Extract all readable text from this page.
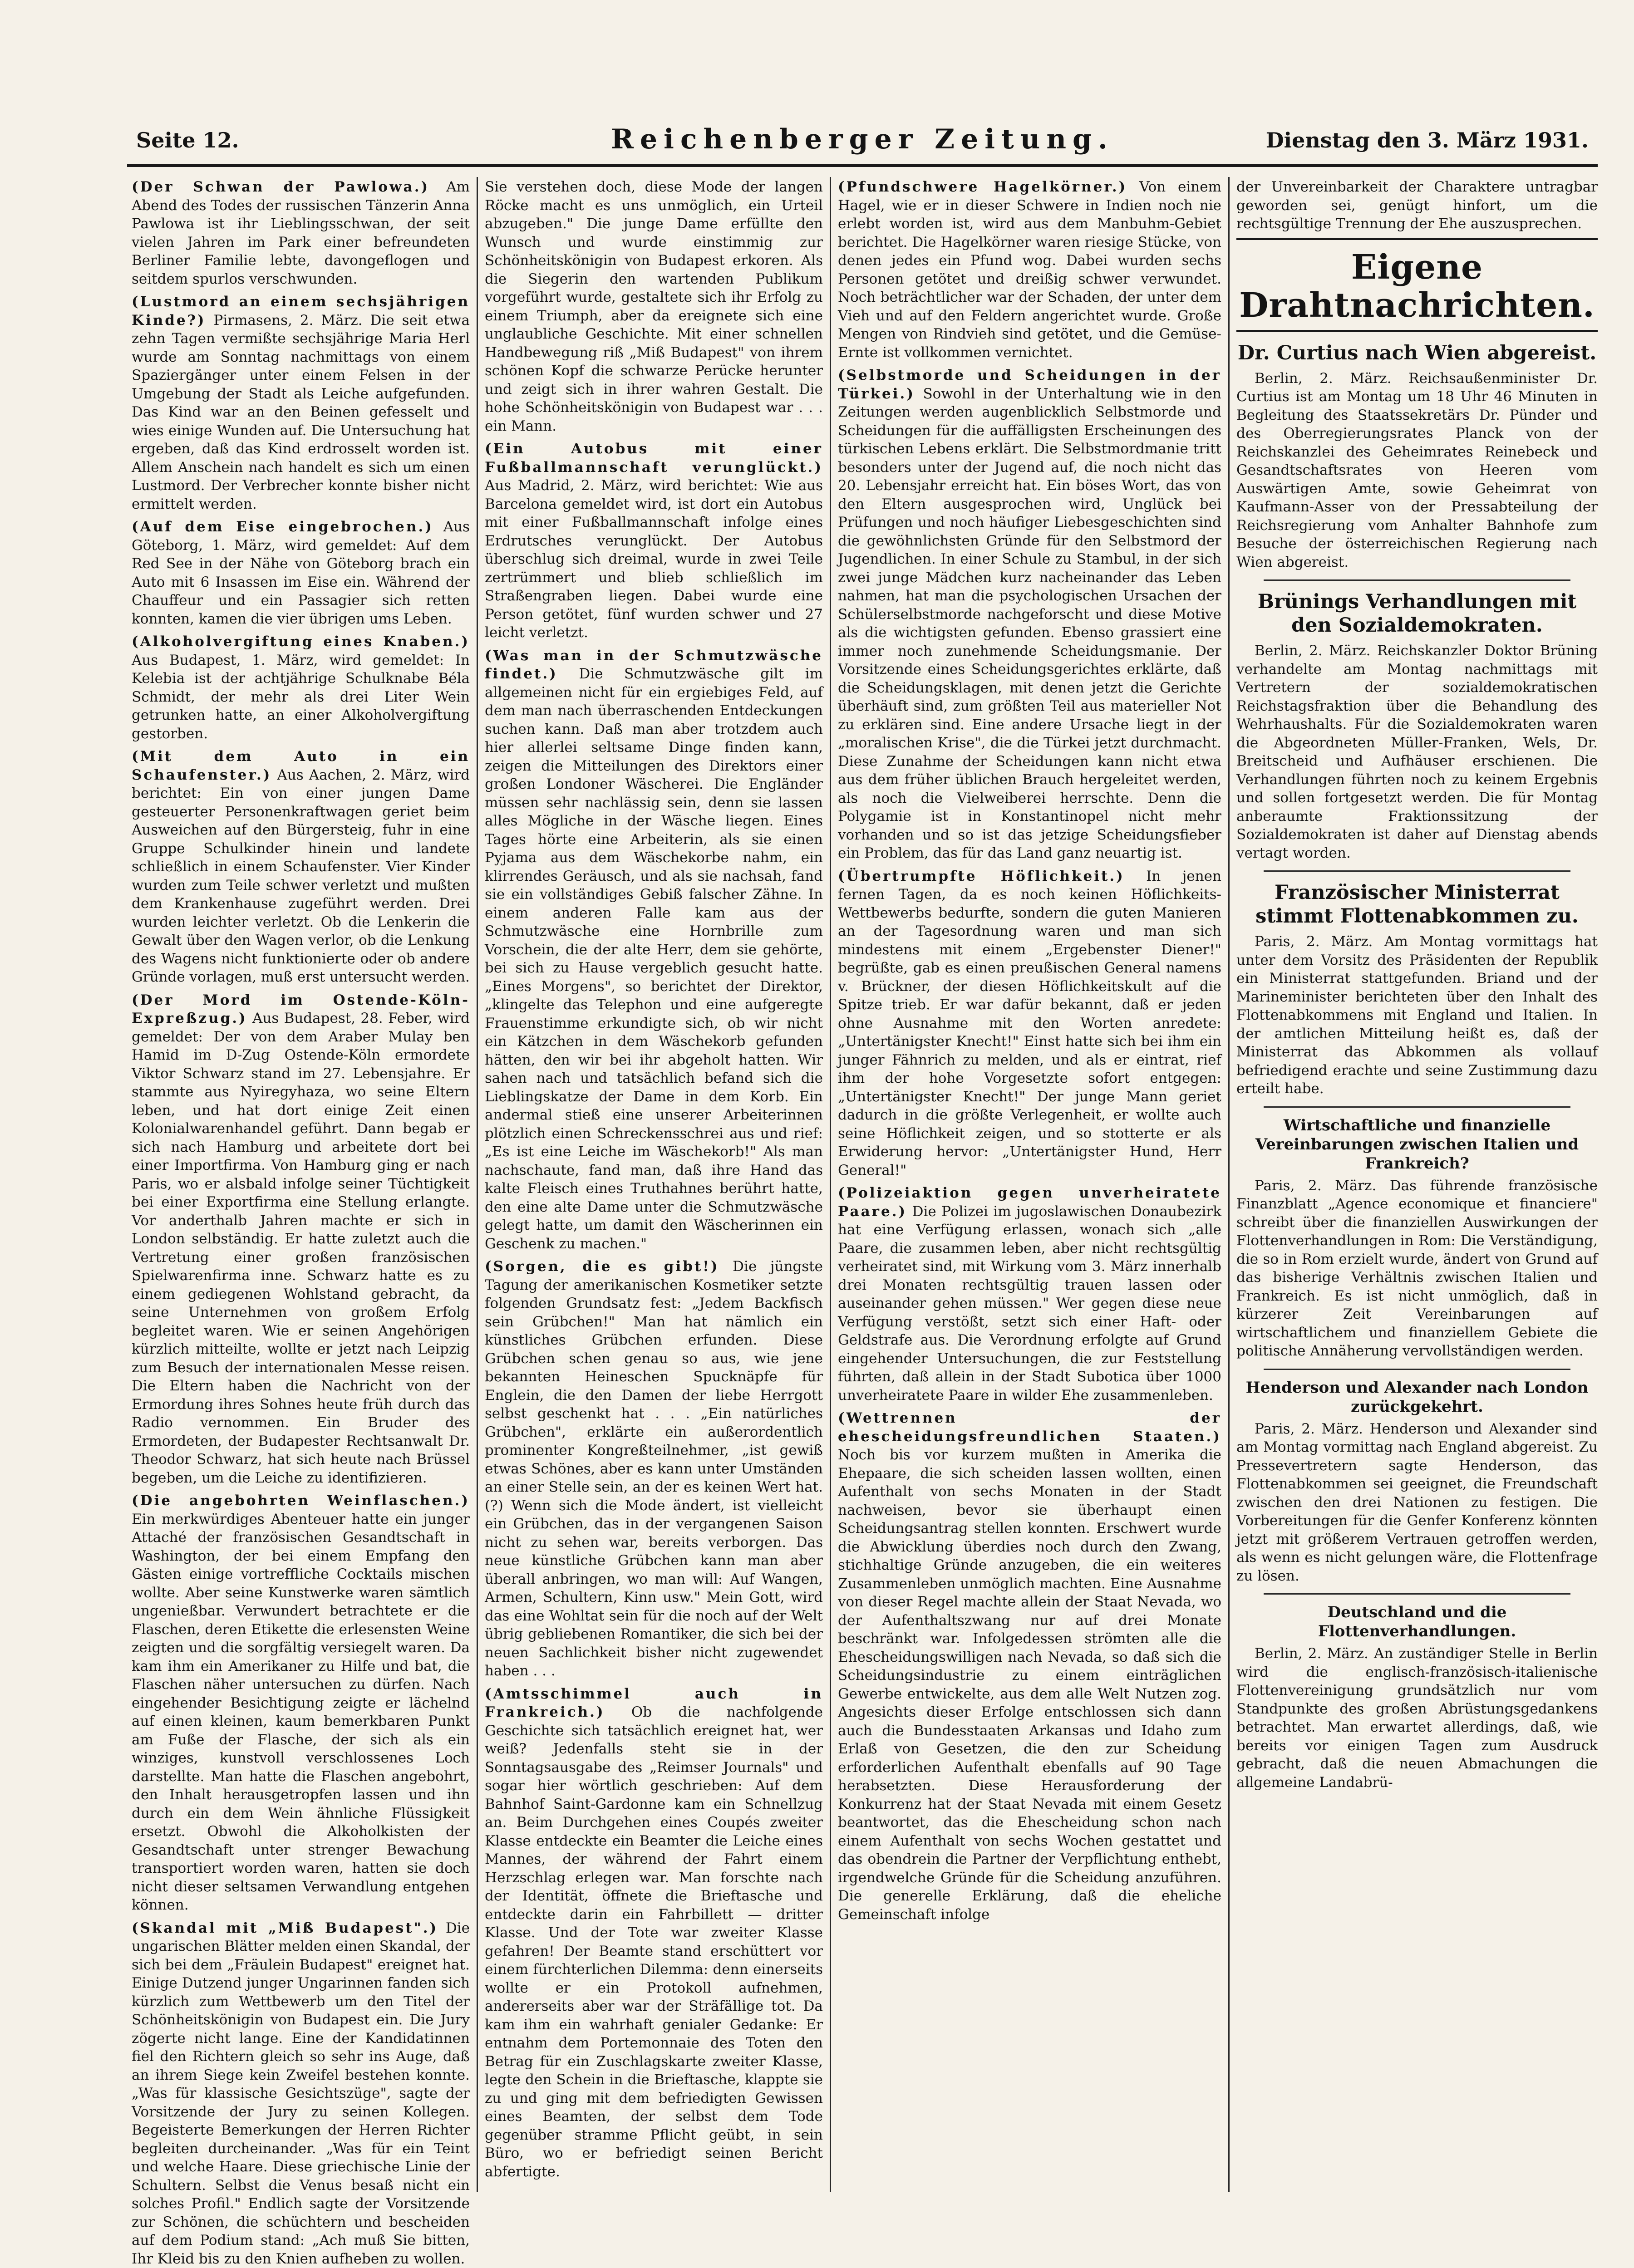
Seite 12.	Reichenberger Zeitung.	Dienstag den 3. März 1931.
(Der Schwan der Pawlowa.) Am Abend des Todes der russischen Tänzerin Anna Pawlowa ist ihr Lieblingsschwan, der seit vielen Jahren im Park einer befreundeten Berliner Familie lebte, davongeflogen und seitdem spurlos verschwunden.
(Lustmord an einem sechsjährigen Kinde?) Pirmasens, 2. März. Die seit etwa zehn Tagen vermißte sechsjährige Maria Herl wurde am Sonntag nachmittags von einem Spaziergänger unter einem Felsen in der Umgebung der Stadt als Leiche aufgefunden. Das Kind war an den Beinen gefesselt und wies einige Wunden auf. Die Untersuchung hat ergeben, daß das Kind erdrosselt worden ist. Allem Anschein nach handelt es sich um einen Lustmord. Der Verbrecher konnte bisher nicht ermittelt werden.
(Auf dem Eise eingebrochen.) Aus Göteborg, 1. März, wird gemeldet: Auf dem Red See in der Nähe von Göteborg brach ein Auto mit 6 Insassen im Eise ein. Während der Chauffeur und ein Passagier sich retten konnten, kamen die vier übrigen ums Leben.
(Alkoholvergiftung eines Knaben.) Aus Budapest, 1. März, wird gemeldet: In Kelebia ist der achtjährige Schulknabe Béla Schmidt, der mehr als drei Liter Wein getrunken hatte, an einer Alkoholvergiftung gestorben.
(Mit dem Auto in ein Schaufenster.) Aus Aachen, 2. März, wird berichtet: Ein von einer jungen Dame gesteuerter Personenkraftwagen geriet beim Ausweichen auf den Bürgersteig, fuhr in eine Gruppe Schulkinder hinein und landete schließlich in einem Schaufenster. Vier Kinder wurden zum Teile schwer verletzt und mußten dem Krankenhause zugeführt werden. Drei wurden leichter verletzt. Ob die Lenkerin die Gewalt über den Wagen verlor, ob die Lenkung des Wagens nicht funktionierte oder ob andere Gründe vorlagen, muß erst untersucht werden.
(Der Mord im Ostende-Köln-Expreßzug.) Aus Budapest, 28. Feber, wird gemeldet: Der von dem Araber Mulay ben Hamid im D-Zug Ostende-Köln ermordete Viktor Schwarz stand im 27. Lebensjahre. Er stammte aus Nyiregyhaza, wo seine Eltern leben, und hat dort einige Zeit einen Kolonialwarenhandel geführt. Dann begab er sich nach Hamburg und arbeitete dort bei einer Importfirma. Von Hamburg ging er nach Paris, wo er alsbald infolge seiner Tüchtigkeit bei einer Exportfirma eine Stellung erlangte. Vor anderthalb Jahren machte er sich in London selbständig. Er hatte zuletzt auch die Vertretung einer großen französischen Spielwarenfirma inne. Schwarz hatte es zu einem gediegenen Wohlstand gebracht, da seine Unternehmen von großem Erfolg begleitet waren. Wie er seinen Angehörigen kürzlich mitteilte, wollte er jetzt nach Leipzig zum Besuch der internationalen Messe reisen. Die Eltern haben die Nachricht von der Ermordung ihres Sohnes heute früh durch das Radio vernommen. Ein Bruder des Ermordeten, der Budapester Rechtsanwalt Dr. Theodor Schwarz, hat sich heute nach Brüssel begeben, um die Leiche zu identifizieren.
(Die angebohrten Weinflaschen.) Ein merkwürdiges Abenteuer hatte ein junger Attaché der französischen Gesandtschaft in Washington, der bei einem Empfang den Gästen einige vortreffliche Cocktails mischen wollte. Aber seine Kunstwerke waren sämtlich ungenießbar. Verwundert betrachtete er die Flaschen, deren Etikette die erlesensten Weine zeigten und die sorgfältig versiegelt waren. Da kam ihm ein Amerikaner zu Hilfe und bat, die Flaschen näher untersuchen zu dürfen. Nach eingehender Besichtigung zeigte er lächelnd auf einen kleinen, kaum bemerkbaren Punkt am Fuße der Flasche, der sich als ein winziges, kunstvoll verschlossenes Loch darstellte. Man hatte die Flaschen angebohrt, den Inhalt herausgetropfen lassen und ihn durch ein dem Wein ähnliche Flüssigkeit ersetzt. Obwohl die Alkoholkisten der Gesandtschaft unter strenger Bewachung transportiert worden waren, hatten sie doch nicht dieser seltsamen Verwandlung entgehen können.
(Skandal mit „Miß Budapest".) Die ungarischen Blätter melden einen Skandal, der sich bei dem „Fräulein Budapest" ereignet hat. Einige Dutzend junger Ungarinnen fanden sich kürzlich zum Wettbewerb um den Titel der Schönheitskönigin von Budapest ein. Die Jury zögerte nicht lange. Eine der Kandidatinnen fiel den Richtern gleich so sehr ins Auge, daß an ihrem Siege kein Zweifel bestehen konnte. „Was für klassische Gesichtszüge", sagte der Vorsitzende der Jury zu seinen Kollegen. Begeisterte Bemerkungen der Herren Richter begleiten durcheinander. „Was für ein Teint und welche Haare. Diese griechische Linie der Schultern. Selbst die Venus besaß nicht ein solches Profil." Endlich sagte der Vorsitzende zur Schönen, die schüchtern und bescheiden auf dem Podium stand: „Ach muß Sie bitten, Ihr Kleid bis zu den Knien aufheben zu wollen.
Sie verstehen doch, diese Mode der langen Röcke macht es uns unmöglich, ein Urteil abzugeben." Die junge Dame erfüllte den Wunsch und wurde einstimmig zur Schönheitskönigin von Budapest erkoren. Als die Siegerin den wartenden Publikum vorgeführt wurde, gestaltete sich ihr Erfolg zu einem Triumph, aber da ereignete sich eine unglaubliche Geschichte. Mit einer schnellen Handbewegung riß „Miß Budapest" von ihrem schönen Kopf die schwarze Perücke herunter und zeigt sich in ihrer wahren Gestalt. Die hohe Schönheitskönigin von Budapest war . . . ein Mann.
(Ein Autobus mit einer Fußballmannschaft verunglückt.) Aus Madrid, 2. März, wird berichtet: Wie aus Barcelona gemeldet wird, ist dort ein Autobus mit einer Fußballmannschaft infolge eines Erdrutsches verunglückt. Der Autobus überschlug sich dreimal, wurde in zwei Teile zertrümmert und blieb schließlich im Straßengraben liegen. Dabei wurde eine Person getötet, fünf wurden schwer und 27 leicht verletzt.
(Was man in der Schmutzwäsche findet.) Die Schmutzwäsche gilt im allgemeinen nicht für ein ergiebiges Feld, auf dem man nach überraschenden Entdeckungen suchen kann. Daß man aber trotzdem auch hier allerlei seltsame Dinge finden kann, zeigen die Mitteilungen des Direktors einer großen Londoner Wäscherei. Die Engländer müssen sehr nachlässig sein, denn sie lassen alles Mögliche in der Wäsche liegen. Eines Tages hörte eine Arbeiterin, als sie einen Pyjama aus dem Wäschekorbe nahm, ein klirrendes Geräusch, und als sie nachsah, fand sie ein vollständiges Gebiß falscher Zähne. In einem anderen Falle kam aus der Schmutzwäsche eine Hornbrille zum Vorschein, die der alte Herr, dem sie gehörte, bei sich zu Hause vergeblich gesucht hatte. „Eines Morgens", so berichtet der Direktor, „klingelte das Telephon und eine aufgeregte Frauenstimme erkundigte sich, ob wir nicht ein Kätzchen in dem Wäschekorb gefunden hätten, den wir bei ihr abgeholt hatten. Wir sahen nach und tatsächlich befand sich die Lieblingskatze der Dame in dem Korb. Ein andermal stieß eine unserer Arbeiterinnen plötzlich einen Schreckensschrei aus und rief: „Es ist eine Leiche im Wäschekorb!" Als man nachschaute, fand man, daß ihre Hand das kalte Fleisch eines Truthahnes berührt hatte, den eine alte Dame unter die Schmutzwäsche gelegt hatte, um damit den Wäscherinnen ein Geschenk zu machen."
(Sorgen, die es gibt!) Die jüngste Tagung der amerikanischen Kosmetiker setzte folgenden Grundsatz fest: „Jedem Backfisch sein Grübchen!" Man hat nämlich ein künstliches Grübchen erfunden. Diese Grübchen schen genau so aus, wie jene bekannten Heineschen Spucknäpfe für Englein, die den Damen der liebe Herrgott selbst geschenkt hat . . . „Ein natürliches Grübchen", erklärte ein außerordentlich prominenter Kongreßteilnehmer, „ist gewiß etwas Schönes, aber es kann unter Umständen an einer Stelle sein, an der es keinen Wert hat. (?) Wenn sich die Mode ändert, ist vielleicht ein Grübchen, das in der vergangenen Saison nicht zu sehen war, bereits verborgen. Das neue künstliche Grübchen kann man aber überall anbringen, wo man will: Auf Wangen, Armen, Schultern, Kinn usw." Mein Gott, wird das eine Wohltat sein für die noch auf der Welt übrig gebliebenen Romantiker, die sich bei der neuen Sachlichkeit bisher nicht zugewendet haben . . .
(Amtsschimmel auch in Frankreich.) Ob die nachfolgende Geschichte sich tatsächlich ereignet hat, wer weiß? Jedenfalls steht sie in der Sonntagsausgabe des „Reimser Journals" und sogar hier wörtlich geschrieben: Auf dem Bahnhof Saint-Gardonne kam ein Schnellzug an. Beim Durchgehen eines Coupés zweiter Klasse entdeckte ein Beamter die Leiche eines Mannes, der während der Fahrt einem Herzschlag erlegen war. Man forschte nach der Identität, öffnete die Brieftasche und entdeckte darin ein Fahrbillett — dritter Klasse. Und der Tote war zweiter Klasse gefahren! Der Beamte stand erschüttert vor einem fürchterlichen Dilemma: denn einerseits wollte er ein Protokoll aufnehmen, andererseits aber war der Sträfällige tot. Da kam ihm ein wahrhaft genialer Gedanke: Er entnahm dem Portemonnaie des Toten den Betrag für ein Zuschlagskarte zweiter Klasse, legte den Schein in die Brieftasche, klappte sie zu und ging mit dem befriedigten Gewissen eines Beamten, der selbst dem Tode gegenüber stramme Pflicht geübt, in sein Büro, wo er befriedigt seinen Bericht abfertigte.
(Pfundschwere Hagelkörner.) Von einem Hagel, wie er in dieser Schwere in Indien noch nie erlebt worden ist, wird aus dem Manbuhm-Gebiet berichtet. Die Hagelkörner waren riesige Stücke, von denen jedes ein Pfund wog. Dabei wurden sechs Personen getötet und dreißig schwer verwundet. Noch beträchtlicher war der Schaden, der unter dem Vieh und auf den Feldern angerichtet wurde. Große Mengen von Rindvieh sind getötet, und die Gemüse-Ernte ist vollkommen vernichtet.
(Selbstmorde und Scheidungen in der Türkei.) Sowohl in der Unterhaltung wie in den Zeitungen werden augenblicklich Selbstmorde und Scheidungen für die auffälligsten Erscheinungen des türkischen Lebens erklärt. Die Selbstmordmanie tritt besonders unter der Jugend auf, die noch nicht das 20. Lebensjahr erreicht hat. Ein böses Wort, das von den Eltern ausgesprochen wird, Unglück bei Prüfungen und noch häufiger Liebesgeschichten sind die gewöhnlichsten Gründe für den Selbstmord der Jugendlichen. In einer Schule zu Stambul, in der sich zwei junge Mädchen kurz nacheinander das Leben nahmen, hat man die psychologischen Ursachen der Schülerselbstmorde nachgeforscht und diese Motive als die wichtigsten gefunden. Ebenso grassiert eine immer noch zunehmende Scheidungsmanie. Der Vorsitzende eines Scheidungsgerichtes erklärte, daß die Scheidungsklagen, mit denen jetzt die Gerichte überhäuft sind, zum größten Teil aus materieller Not zu erklären sind. Eine andere Ursache liegt in der „moralischen Krise", die die Türkei jetzt durchmacht. Diese Zunahme der Scheidungen kann nicht etwa aus dem früher üblichen Brauch hergeleitet werden, als noch die Vielweiberei herrschte. Denn die Polygamie ist in Konstantinopel nicht mehr vorhanden und so ist das jetzige Scheidungsfieber ein Problem, das für das Land ganz neuartig ist.
(Übertrumpfte Höflichkeit.) In jenen fernen Tagen, da es noch keinen Höflichkeits-Wettbewerbs bedurfte, sondern die guten Manieren an der Tagesordnung waren und man sich mindestens mit einem „Ergebenster Diener!" begrüßte, gab es einen preußischen General namens v. Brückner, der diesen Höflichkeitskult auf die Spitze trieb. Er war dafür bekannt, daß er jeden ohne Ausnahme mit den Worten anredete: „Untertänigster Knecht!" Einst hatte sich bei ihm ein junger Fähnrich zu melden, und als er eintrat, rief ihm der hohe Vorgesetzte sofort entgegen: „Untertänigster Knecht!" Der junge Mann geriet dadurch in die größte Verlegenheit, er wollte auch seine Höflichkeit zeigen, und so stotterte er als Erwiderung hervor: „Untertänigster Hund, Herr General!"
(Polizeiaktion gegen unverheiratete Paare.) Die Polizei im jugoslawischen Donaubezirk hat eine Verfügung erlassen, wonach sich „alle Paare, die zusammen leben, aber nicht rechtsgültig verheiratet sind, mit Wirkung vom 3. März innerhalb drei Monaten rechtsgültig trauen lassen oder auseinander gehen müssen." Wer gegen diese neue Verfügung verstößt, setzt sich einer Haft- oder Geldstrafe aus. Die Verordnung erfolgte auf Grund eingehender Untersuchungen, die zur Feststellung führten, daß allein in der Stadt Subotica über 1000 unverheiratete Paare in wilder Ehe zusammenleben.
(Wettrennen der ehescheidungsfreundlichen Staaten.) Noch bis vor kurzem mußten in Amerika die Ehepaare, die sich scheiden lassen wollten, einen Aufenthalt von sechs Monaten in der Stadt nachweisen, bevor sie überhaupt einen Scheidungsantrag stellen konnten. Erschwert wurde die Abwicklung überdies noch durch den Zwang, stichhaltige Gründe anzugeben, die ein weiteres Zusammenleben unmöglich machten. Eine Ausnahme von dieser Regel machte allein der Staat Nevada, wo der Aufenthaltszwang nur auf drei Monate beschränkt war. Infolgedessen strömten alle die Ehescheidungswilligen nach Nevada, so daß sich die Scheidungsindustrie zu einem einträglichen Gewerbe entwickelte, aus dem alle Welt Nutzen zog. Angesichts dieser Erfolge entschlossen sich dann auch die Bundesstaaten Arkansas und Idaho zum Erlaß von Gesetzen, die den zur Scheidung erforderlichen Aufenthalt ebenfalls auf 90 Tage herabsetzten. Diese Herausforderung der Konkurrenz hat der Staat Nevada mit einem Gesetz beantwortet, das die Ehescheidung schon nach einem Aufenthalt von sechs Wochen gestattet und das obendrein die Partner der Verpflichtung enthebt, irgendwelche Gründe für die Scheidung anzuführen. Die generelle Erklärung, daß die eheliche Gemeinschaft infolge
der Unvereinbarkeit der Charaktere untragbar geworden sei, genügt hinfort, um die rechtsgültige Trennung der Ehe auszusprechen.
Eigene Drahtnachrichten.
Dr. Curtius nach Wien abgereist.
Berlin, 2. März. Reichsaußenminister Dr. Curtius ist am Montag um 18 Uhr 46 Minuten in Begleitung des Staatssekretärs Dr. Pünder und des Oberregierungsrates Planck von der Reichskanzlei des Geheimrates Reinebeck und Gesandtschaftsrates von Heeren vom Auswärtigen Amte, sowie Geheimrat von Kaufmann-Asser von der Pressabteilung der Reichsregierung vom Anhalter Bahnhofe zum Besuche der österreichischen Regierung nach Wien abgereist.
Brünings Verhandlungen mit den Sozialdemokraten.
Berlin, 2. März. Reichskanzler Doktor Brüning verhandelte am Montag nachmittags mit Vertretern der sozialdemokratischen Reichstagsfraktion über die Behandlung des Wehrhaushalts. Für die Sozialdemokraten waren die Abgeordneten Müller-Franken, Wels, Dr. Breitscheid und Aufhäuser erschienen. Die Verhandlungen führten noch zu keinem Ergebnis und sollen fortgesetzt werden. Die für Montag anberaumte Fraktionssitzung der Sozialdemokraten ist daher auf Dienstag abends vertagt worden.
Französischer Ministerrat stimmt Flottenabkommen zu.
Paris, 2. März. Am Montag vormittags hat unter dem Vorsitz des Präsidenten der Republik ein Ministerrat stattgefunden. Briand und der Marineminister berichteten über den Inhalt des Flottenabkommens mit England und Italien. In der amtlichen Mitteilung heißt es, daß der Ministerrat das Abkommen als vollauf befriedigend erachte und seine Zustimmung dazu erteilt habe.
Wirtschaftliche und finanzielle Vereinbarungen zwischen Italien und Frankreich?
Paris, 2. März. Das führende französische Finanzblatt „Agence economique et financiere" schreibt über die finanziellen Auswirkungen der Flottenverhandlungen in Rom: Die Verständigung, die so in Rom erzielt wurde, ändert von Grund auf das bisherige Verhältnis zwischen Italien und Frankreich. Es ist nicht unmöglich, daß in kürzerer Zeit Vereinbarungen auf wirtschaftlichem und finanziellem Gebiete die politische Annäherung vervollständigen werden.
Henderson und Alexander nach London zurückgekehrt.
Paris, 2. März. Henderson und Alexander sind am Montag vormittag nach England abgereist. Zu Pressevertretern sagte Henderson, das Flottenabkommen sei geeignet, die Freundschaft zwischen den drei Nationen zu festigen. Die Vorbereitungen für die Genfer Konferenz könnten jetzt mit größerem Vertrauen getroffen werden, als wenn es nicht gelungen wäre, die Flottenfrage zu lösen.
Deutschland und die Flottenverhandlungen.
Berlin, 2. März. An zuständiger Stelle in Berlin wird die englisch-französisch-italienische Flottenvereinigung grundsätzlich nur vom Standpunkte des großen Abrüstungsgedankens betrachtet. Man erwartet allerdings, daß, wie bereits vor einigen Tagen zum Ausdruck gebracht, daß die neuen Abmachungen die allgemeine Landabrü-
